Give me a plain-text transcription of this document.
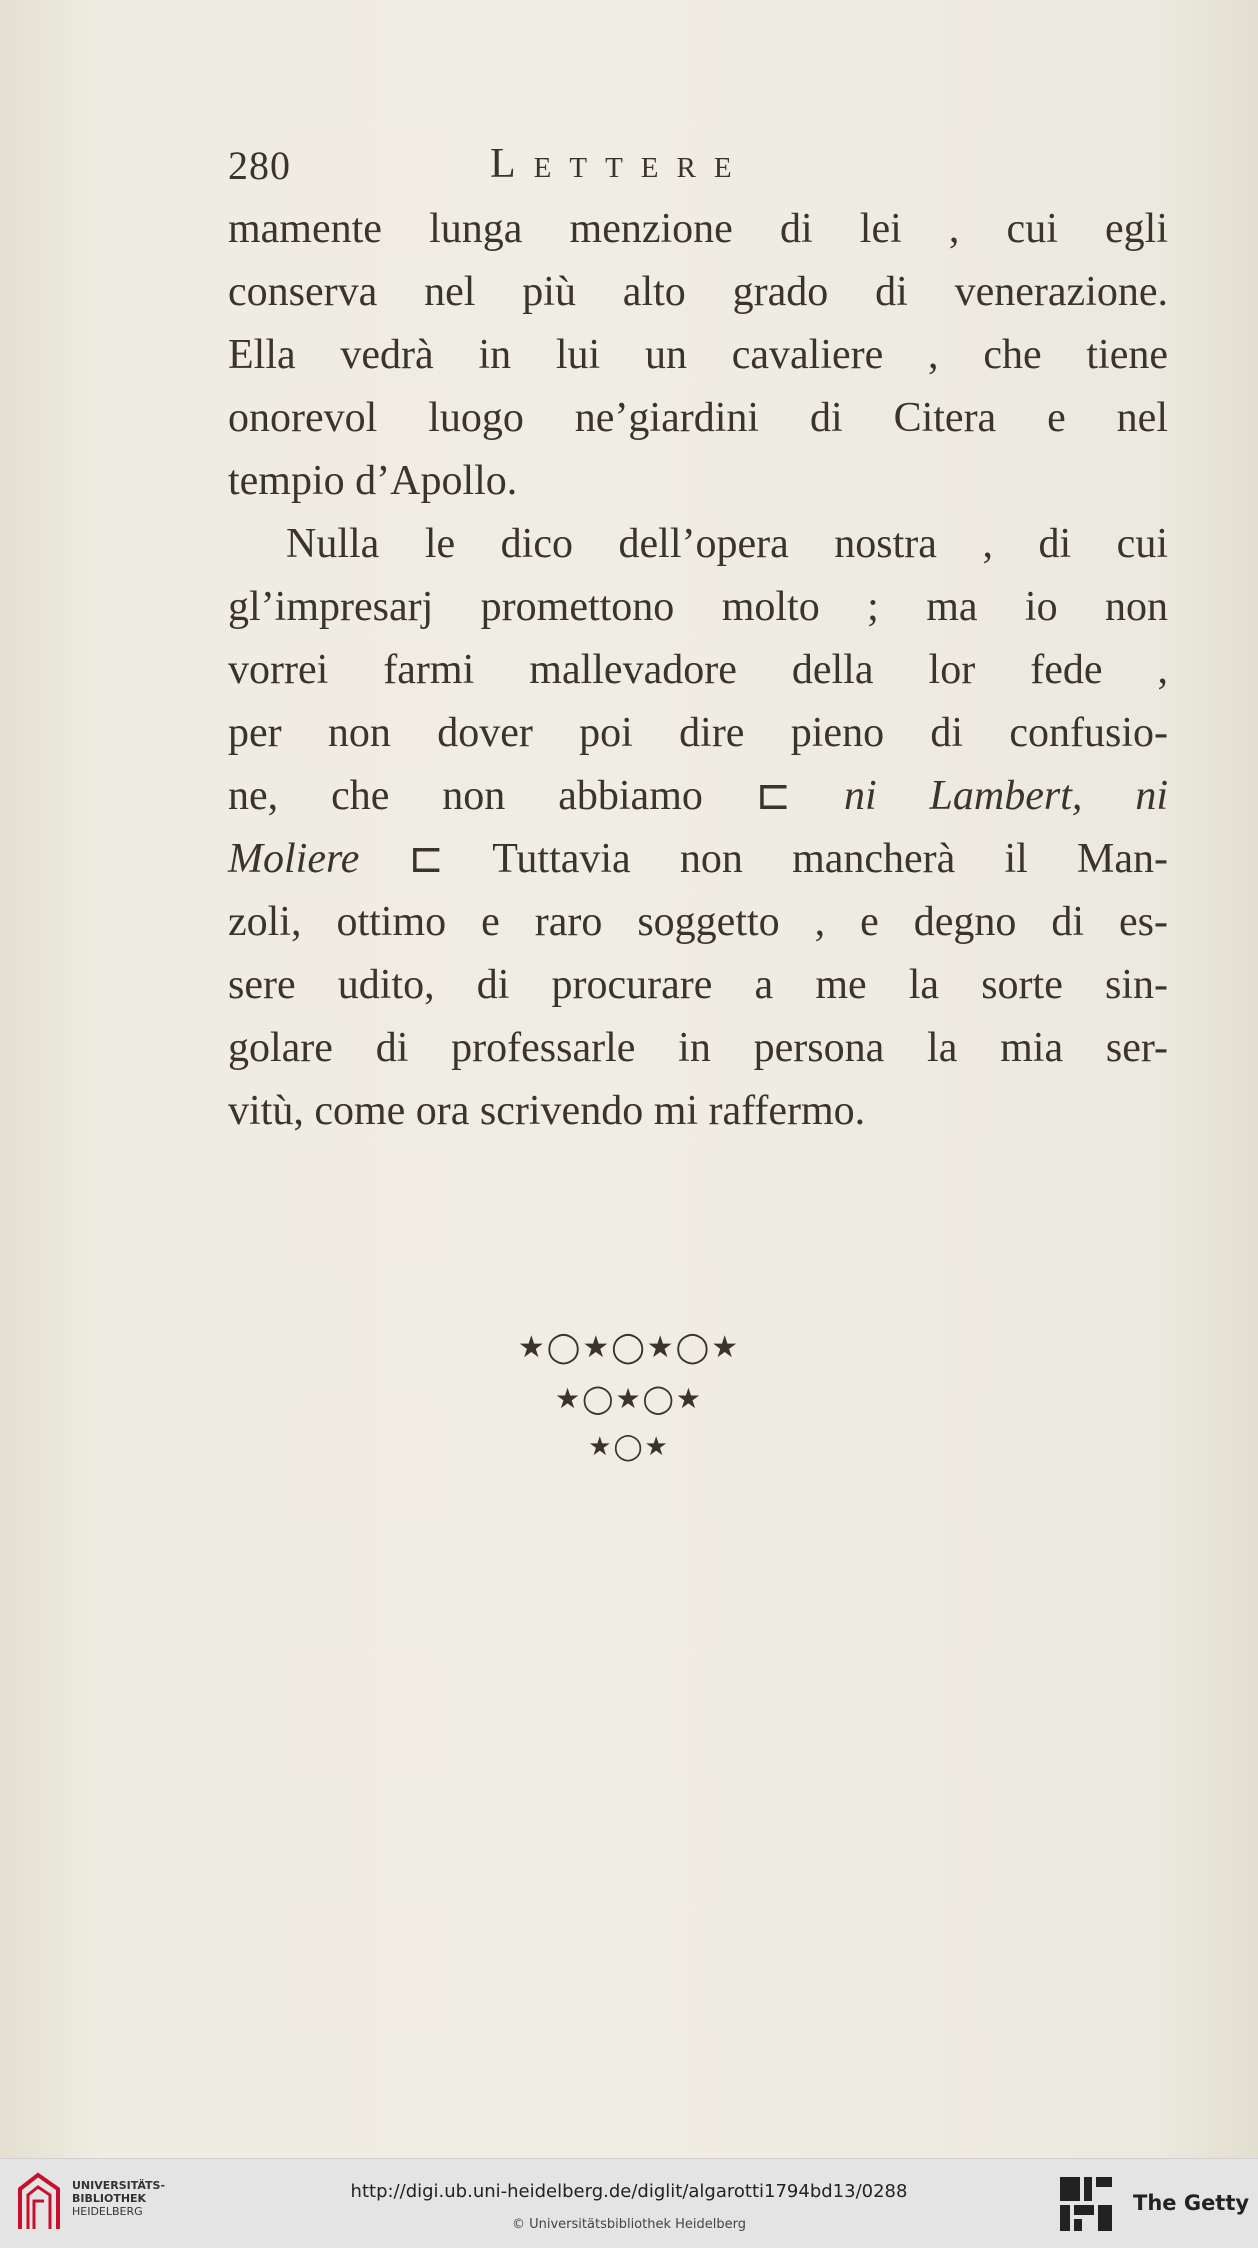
280	Lettere
mamente lunga menzione di lei , cui egli
conserva nel più alto grado di venerazione.
Ella vedrà in lui un cavaliere , che tiene
onorevol luogo ne’giardini di Citera e nel
tempio d’Apollo.
Nulla le dico dell’opera nostra , di cui
gl’impresarj promettono molto ; ma io non
vorrei farmi mallevadore della lor fede ,
per non dover poi dire pieno di confusio-
ne, che non abbiamo ⊏ ni Lambert, ni
Moliere ⊏ Tuttavia non mancherà il Man-
zoli, ottimo e raro soggetto , e degno di es-
sere udito, di procurare a me la sorte sin-
golare di professarle in persona la mia ser-
vitù, come ora scrivendo mi raffermo.
★◯★◯★◯★
★◯★◯★
★◯★
UNIVERSITÄTS-
BIBLIOTHEK
HEIDELBERG
http://digi.ub.uni-heidelberg.de/diglit/algarotti1794bd13/0288
© Universitätsbibliothek Heidelberg
The Getty
